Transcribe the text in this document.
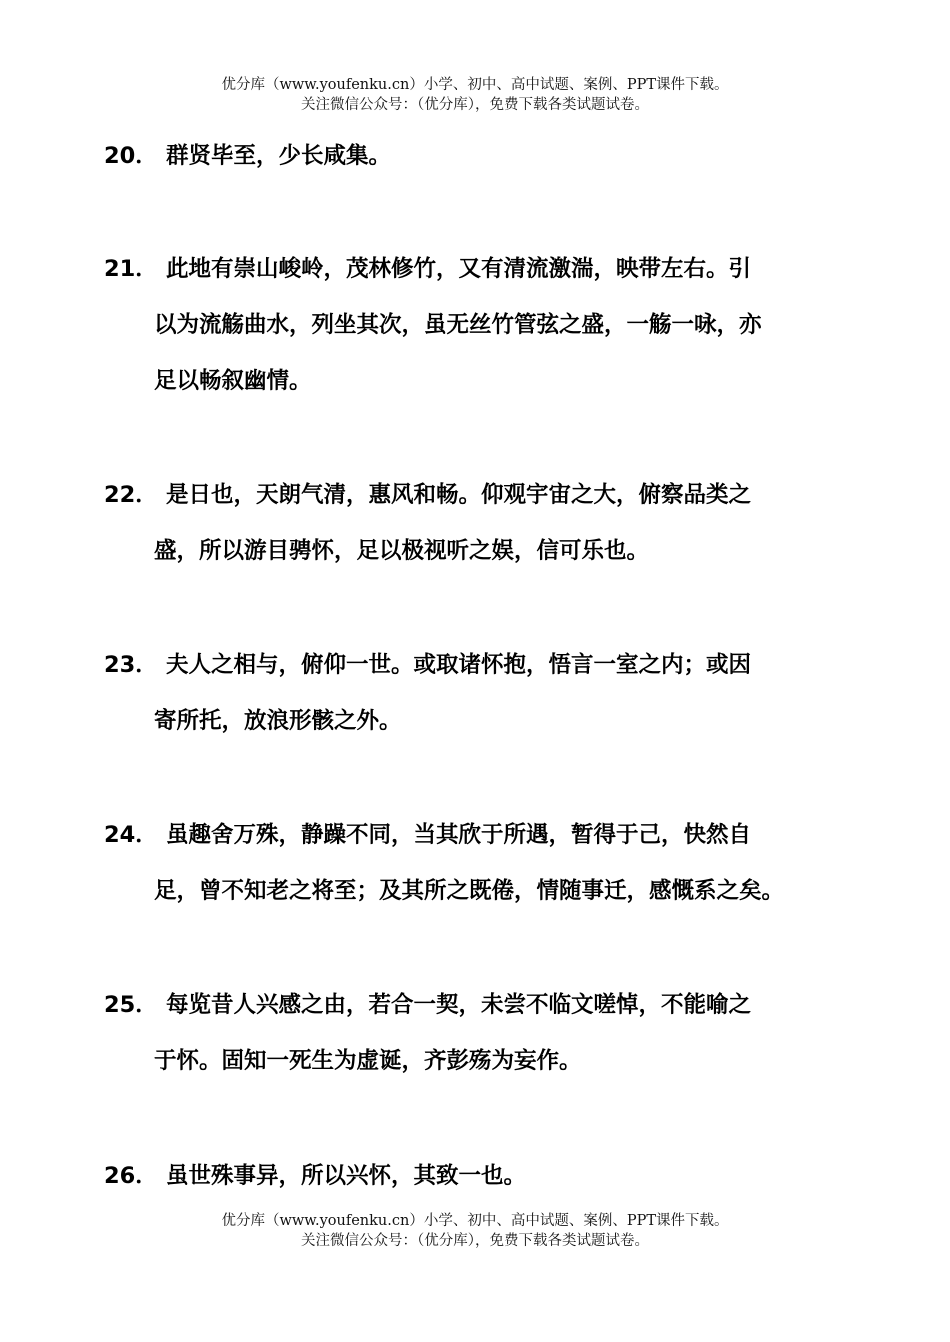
优分库（www.youfenku.cn）小学、初中、高中试题、案例、PPT课件下载。
关注微信公众号：（优分库），免费下载各类试题试卷。
20． 群贤毕至，少长咸集。
21． 此地有崇山峻岭，茂林修竹，又有清流激湍，映带左右。引
以为流觞曲水，列坐其次，虽无丝竹管弦之盛，一觞一咏，亦
足以畅叙幽情。
22． 是日也，天朗气清，惠风和畅。仰观宇宙之大，俯察品类之
盛，所以游目骋怀，足以极视听之娱，信可乐也。
23． 夫人之相与，俯仰一世。或取诸怀抱，悟言一室之内；或因
寄所托，放浪形骸之外。
24． 虽趣舍万殊，静躁不同，当其欣于所遇，暂得于己，快然自
足，曾不知老之将至；及其所之既倦，情随事迁，感慨系之矣。
25． 每览昔人兴感之由，若合一契，未尝不临文嗟悼，不能喻之
于怀。固知一死生为虚诞，齐彭殇为妄作。
26． 虽世殊事异，所以兴怀，其致一也。
优分库（www.youfenku.cn）小学、初中、高中试题、案例、PPT课件下载。
关注微信公众号：（优分库），免费下载各类试题试卷。
